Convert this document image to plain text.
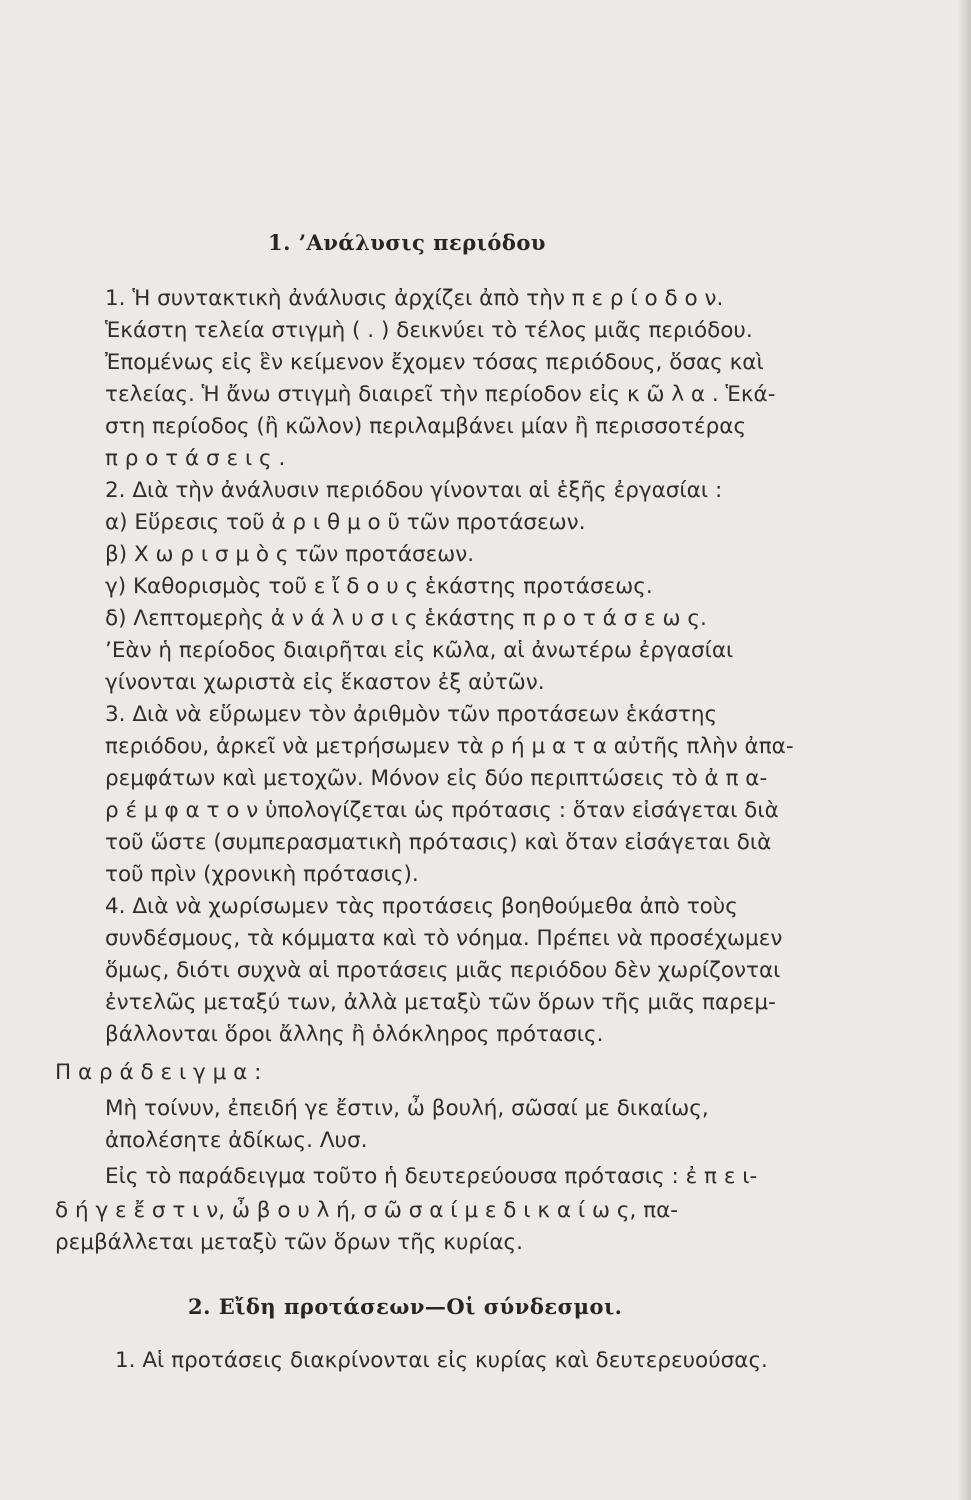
1. ’Ανάλυσις περιόδου
1. Ἡ συντακτικὴ ἀνάλυσις ἀρχίζει ἀπὸ τὴν π ε ρ ί ο δ ο ν.
Ἑκάστη τελεία στιγμὴ ( . ) δεικνύει τὸ τέλος μιᾶς περιόδου.
Ἐπομένως εἰς ἓν κείμενον ἔχομεν τόσας περιόδους, ὅσας καὶ
τελείας. Ἡ ἄνω στιγμὴ διαιρεῖ τὴν περίοδον εἰς κ ῶ λ α . Ἑκά-
στη περίοδος (ἢ κῶλον) περιλαμβάνει μίαν ἢ περισσοτέρας
π ρ ο τ ά σ ε ι ς .
2. Διὰ τὴν ἀνάλυσιν περιόδου γίνονται αἱ ἑξῆς ἐργασίαι :
α) Εὕρεσις τοῦ ἀ ρ ι θ μ ο ῦ τῶν προτάσεων.
β) Χ ω ρ ι σ μ ὸ ς τῶν προτάσεων.
γ) Καθορισμὸς τοῦ ε ἴ δ ο υ ς ἑκάστης προτάσεως.
δ) Λεπτομερὴς ἀ ν ά λ υ σ ι ς ἑκάστης π ρ ο τ ά σ ε ω ς.
’Εὰν ἡ περίοδος διαιρῆται εἰς κῶλα, αἱ ἀνωτέρω ἐργασίαι
γίνονται χωριστὰ εἰς ἕκαστον ἐξ αὐτῶν.
3. Διὰ νὰ εὕρωμεν τὸν ἀριθμὸν τῶν προτάσεων ἑκάστης
περιόδου, ἀρκεῖ νὰ μετρήσωμεν τὰ ρ ή μ α τ α αὐτῆς πλὴν ἀπα-
ρεμφάτων καὶ μετοχῶν. Μόνον εἰς δύο περιπτώσεις τὸ ἀ π α-
ρ έ μ φ α τ ο ν ὑπολογίζεται ὡς πρότασις : ὅταν εἰσάγεται διὰ
τοῦ ὥστε (συμπερασματικὴ πρότασις) καὶ ὅταν εἰσάγεται διὰ
τοῦ πρὶν (χρονικὴ πρότασις).
4. Διὰ νὰ χωρίσωμεν τὰς προτάσεις βοηθούμεθα ἀπὸ τοὺς
συνδέσμους, τὰ κόμματα καὶ τὸ νόημα. Πρέπει νὰ προσέχωμεν
ὅμως, διότι συχνὰ αἱ προτάσεις μιᾶς περιόδου δὲν χωρίζονται
ἐντελῶς μεταξύ των, ἀλλὰ μεταξὺ τῶν ὅρων τῆς μιᾶς παρεμ-
βάλλονται ὅροι ἄλλης ἢ ὁλόκληρος πρότασις.
Π α ρ ά δ ε ι γ μ α :
Μὴ τοίνυν, ἐπειδή γε ἔστιν, ὦ βουλή, σῶσαί με δικαίως,
ἀπολέσητε ἀδίκως. Λυσ.
Εἰς τὸ παράδειγμα τοῦτο ἡ δευτερεύουσα πρότασις : ἐ π ε ι-
δ ή γ ε ἔ σ τ ι ν, ὦ β ο υ λ ή, σ ῶ σ α ί μ ε δ ι κ α ί ω ς, πα-
ρεμβάλλεται μεταξὺ τῶν ὅρων τῆς κυρίας.
2. Εἴδη προτάσεων—Οἱ σύνδεσμοι.
1. Αἱ προτάσεις διακρίνονται εἰς κυρίας καὶ δευτερευούσας.
